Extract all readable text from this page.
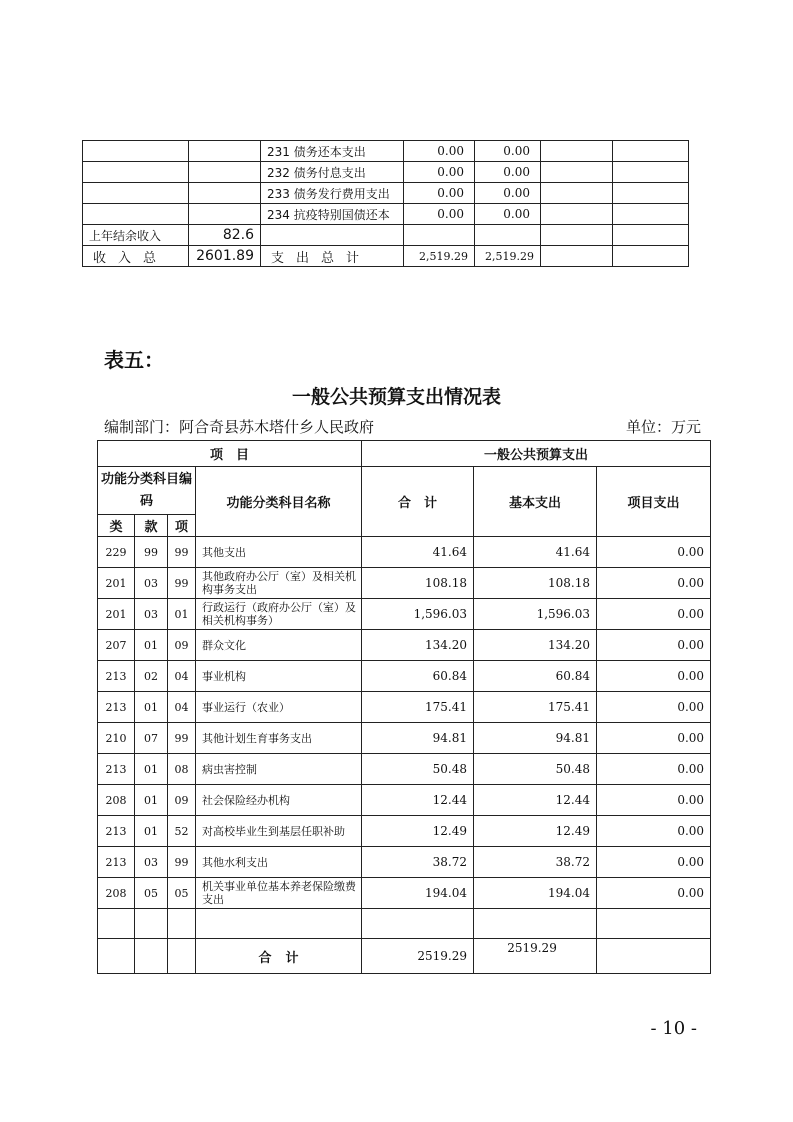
		231 债务还本支出	0.00	0.00		
		232 债务付息支出	0.00	0.00		
		233 债务发行费用支出	0.00	0.00		
		234 抗疫特别国债还本	0.00	0.00		
上年结余收入	82.6					
收入总	2601.89	支出总计	2,519.29	2,519.29		
表五：
一般公共预算支出情况表
编制部门：阿合奇县苏木塔什乡人民政府	单位：万元
项　目				一般公共预算支出		
功能分类科目编码			功能分类科目名称	合　计	基本支出	项目支出
类	款	项				
229	99	99	其他支出	41.64	41.64	0.00
201	03	99	其他政府办公厅（室）及相关机构事务支出	108.18	108.18	0.00
201	03	01	行政运行（政府办公厅（室）及相关机构事务）	1,596.03	1,596.03	0.00
207	01	09	群众文化	134.20	134.20	0.00
213	02	04	事业机构	60.84	60.84	0.00
213	01	04	事业运行（农业）	175.41	175.41	0.00
210	07	99	其他计划生育事务支出	94.81	94.81	0.00
213	01	08	病虫害控制	50.48	50.48	0.00
208	01	09	社会保险经办机构	12.44	12.44	0.00
213	01	52	对高校毕业生到基层任职补助	12.49	12.49	0.00
213	03	99	其他水利支出	38.72	38.72	0.00
208	05	05	机关事业单位基本养老保险缴费支出	194.04	194.04	0.00

			合计	2519.29	2519.29	
- 10 -
